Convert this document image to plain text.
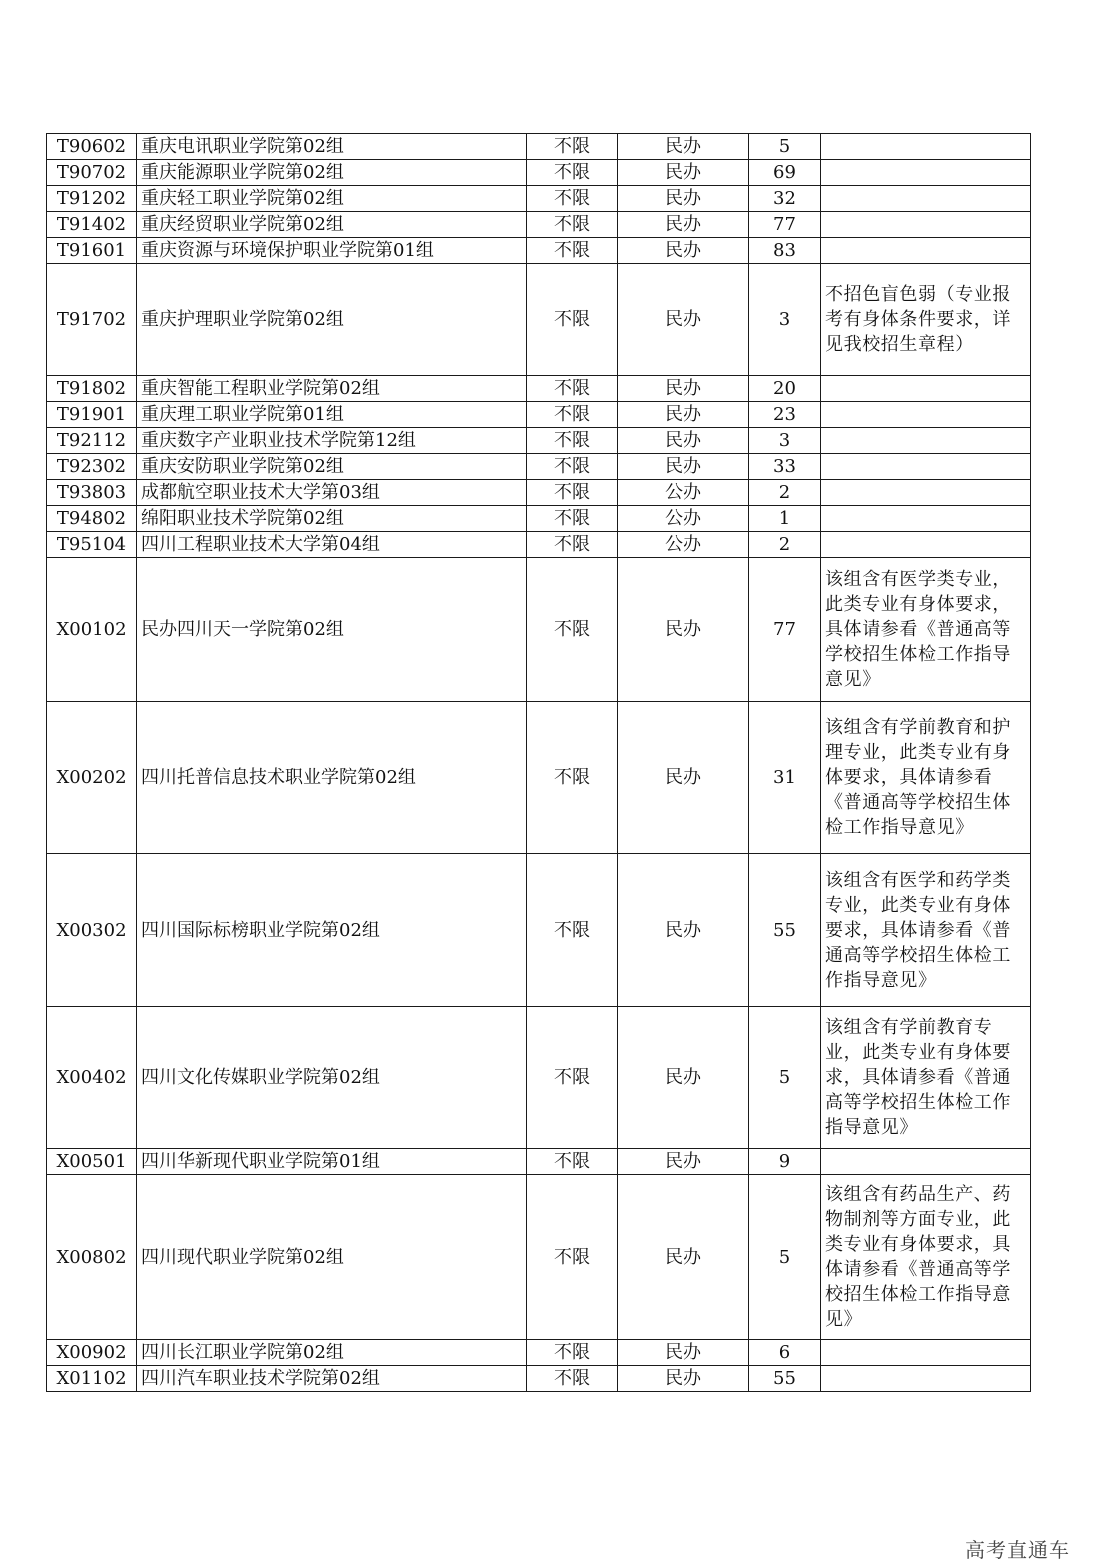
T90602	重庆电讯职业学院第02组	不限	民办	5	
T90702	重庆能源职业学院第02组	不限	民办	69	
T91202	重庆轻工职业学院第02组	不限	民办	32	
T91402	重庆经贸职业学院第02组	不限	民办	77	
T91601	重庆资源与环境保护职业学院第01组	不限	民办	83	
T91702	重庆护理职业学院第02组	不限	民办	3	不招色盲色弱（专业报考有身体条件要求，详见我校招生章程）
T91802	重庆智能工程职业学院第02组	不限	民办	20	
T91901	重庆理工职业学院第01组	不限	民办	23	
T92112	重庆数字产业职业技术学院第12组	不限	民办	3	
T92302	重庆安防职业学院第02组	不限	民办	33	
T93803	成都航空职业技术大学第03组	不限	公办	2	
T94802	绵阳职业技术学院第02组	不限	公办	1	
T95104	四川工程职业技术大学第04组	不限	公办	2	
X00102	民办四川天一学院第02组	不限	民办	77	该组含有医学类专业，此类专业有身体要求，具体请参看《普通高等学校招生体检工作指导意见》
X00202	四川托普信息技术职业学院第02组	不限	民办	31	该组含有学前教育和护理专业，此类专业有身体要求，具体请参看《普通高等学校招生体检工作指导意见》
X00302	四川国际标榜职业学院第02组	不限	民办	55	该组含有医学和药学类专业，此类专业有身体要求，具体请参看《普通高等学校招生体检工作指导意见》
X00402	四川文化传媒职业学院第02组	不限	民办	5	该组含有学前教育专业，此类专业有身体要求，具体请参看《普通高等学校招生体检工作指导意见》
X00501	四川华新现代职业学院第01组	不限	民办	9	
X00802	四川现代职业学院第02组	不限	民办	5	该组含有药品生产、药物制剂等方面专业，此类专业有身体要求，具体请参看《普通高等学校招生体检工作指导意见》
X00902	四川长江职业学院第02组	不限	民办	6	
X01102	四川汽车职业技术学院第02组	不限	民办	55	
高考直通车
